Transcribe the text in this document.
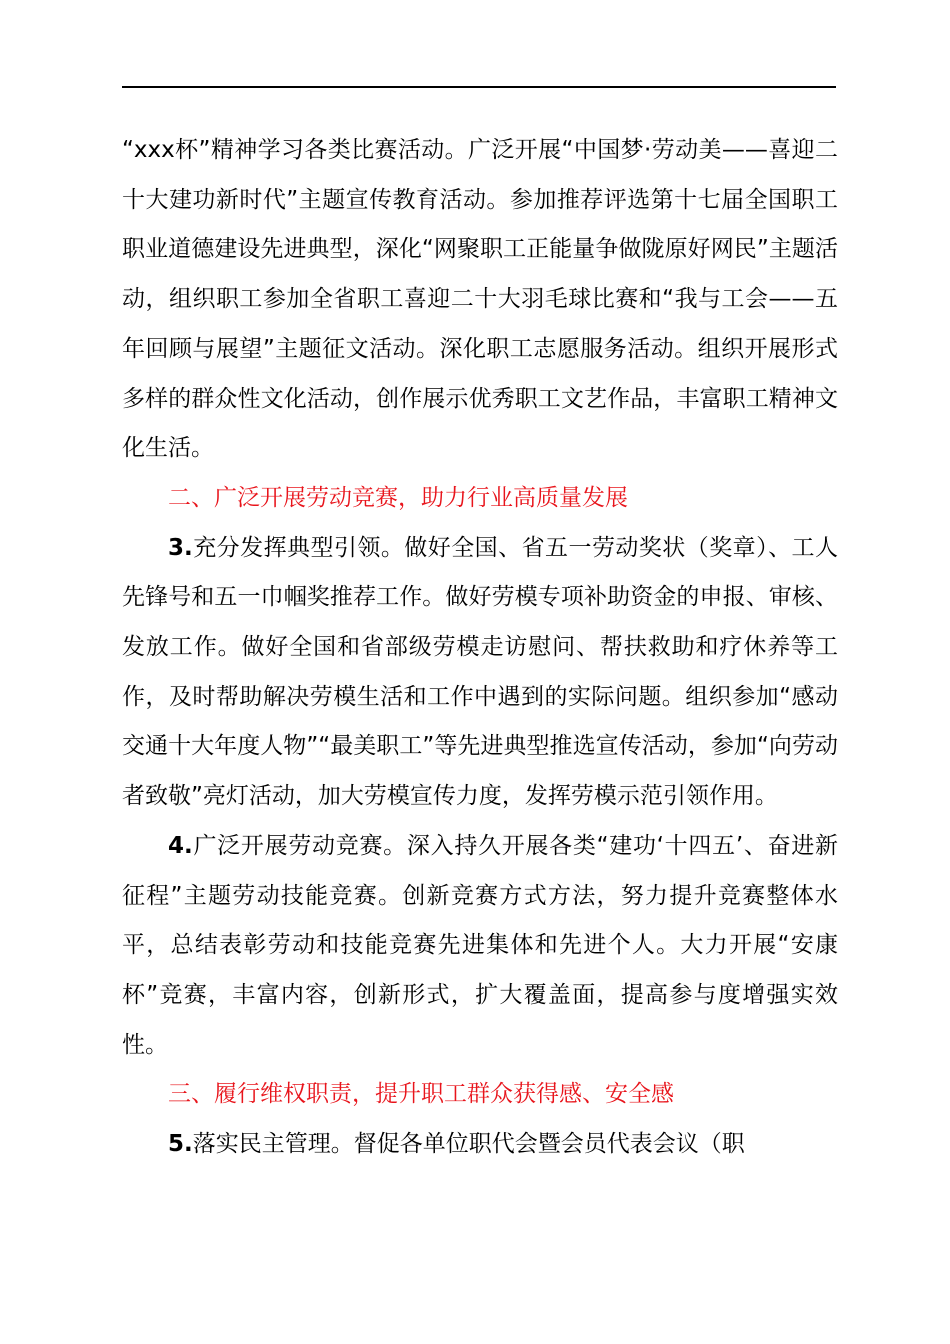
“xxx杯”精神学习各类比赛活动。广泛开展“中国梦·劳动美——喜迎二十大建功新时代”主题宣传教育活动。参加推荐评选第十七届全国职工职业道德建设先进典型，深化“网聚职工正能量争做陇原好网民”主题活动，组织职工参加全省职工喜迎二十大羽毛球比赛和“我与工会——五年回顾与展望”主题征文活动。深化职工志愿服务活动。组织开展形式多样的群众性文化活动，创作展示优秀职工文艺作品，丰富职工精神文化生活。

二、广泛开展劳动竞赛，助力行业高质量发展

3.充分发挥典型引领。做好全国、省五一劳动奖状（奖章）、工人先锋号和五一巾帼奖推荐工作。做好劳模专项补助资金的申报、审核、发放工作。做好全国和省部级劳模走访慰问、帮扶救助和疗休养等工作，及时帮助解决劳模生活和工作中遇到的实际问题。组织参加“感动交通十大年度人物”“最美职工”等先进典型推选宣传活动，参加“向劳动者致敬”亮灯活动，加大劳模宣传力度，发挥劳模示范引领作用。

4.广泛开展劳动竞赛。深入持久开展各类“建功‘十四五’、奋进新征程”主题劳动技能竞赛。创新竞赛方式方法，努力提升竞赛整体水平，总结表彰劳动和技能竞赛先进集体和先进个人。大力开展“安康杯”竞赛，丰富内容，创新形式，扩大覆盖面，提高参与度增强实效性。

三、履行维权职责，提升职工群众获得感、安全感

5.落实民主管理。督促各单位职代会暨会员代表会议（职
